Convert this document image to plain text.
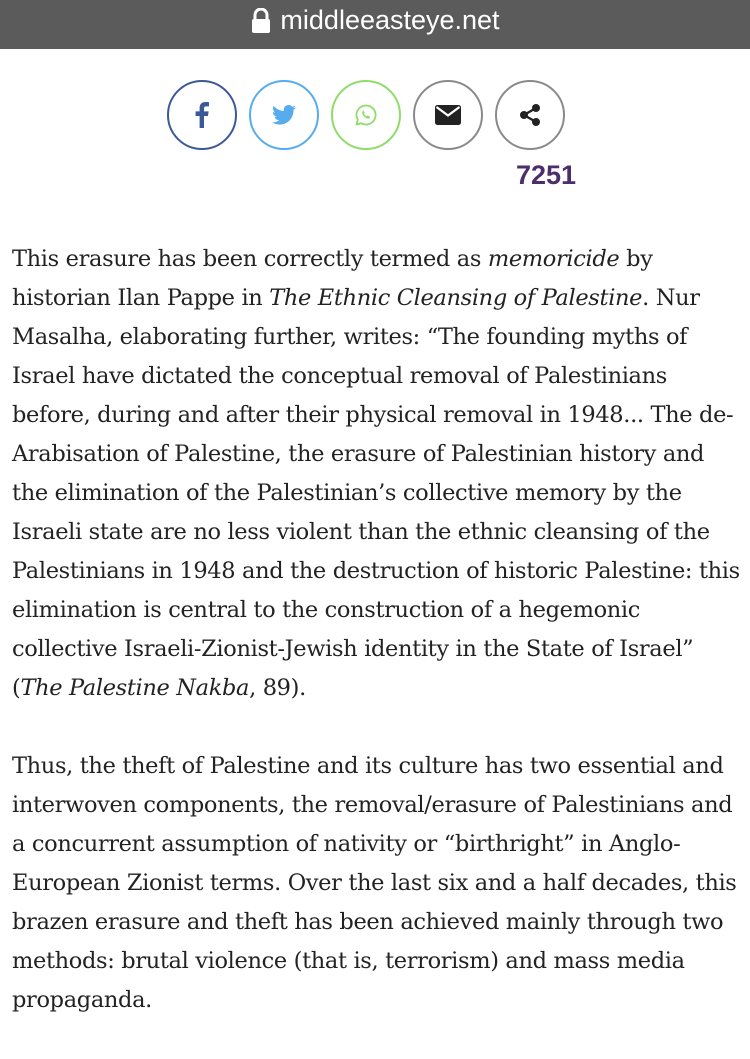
middleeasteye.net
7251

This erasure has been correctly termed as memoricide by historian Ilan Pappe in The Ethnic Cleansing of Palestine. Nur Masalha, elaborating further, writes: “The founding myths of Israel have dictated the conceptual removal of Palestinians before, during and after their physical removal in 1948... The de-Arabisation of Palestine, the erasure of Palestinian history and the elimination of the Palestinian’s collective memory by the Israeli state are no less violent than the ethnic cleansing of the Palestinians in 1948 and the destruction of historic Palestine: this elimination is central to the construction of a hegemonic collective Israeli-Zionist-Jewish identity in the State of Israel” (The Palestine Nakba, 89).

Thus, the theft of Palestine and its culture has two essential and interwoven components, the removal/erasure of Palestinians and a concurrent assumption of nativity or “birthright” in Anglo-European Zionist terms. Over the last six and a half decades, this brazen erasure and theft has been achieved mainly through two methods: brutal violence (that is, terrorism) and mass media propaganda.
